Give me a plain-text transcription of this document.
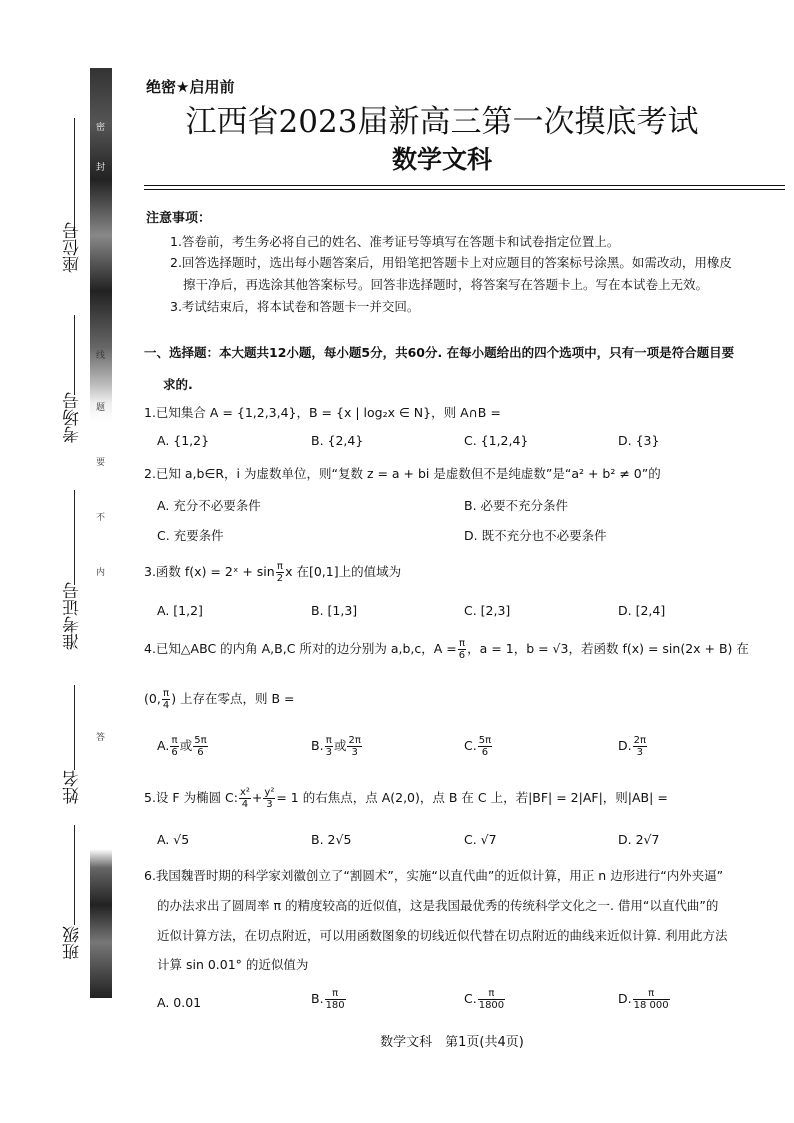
座位号
考场号
准考证号
姓名
班级
密
封
线
内
不
要
答
题
绝密★启用前
江西省2023届新高三第一次摸底考试
数学文科
注意事项：
1.答卷前，考生务必将自己的姓名、准考证号等填写在答题卡和试卷指定位置上。
2.回答选择题时，选出每小题答案后，用铅笔把答题卡上对应题目的答案标号涂黑。如需改动，用橡皮
擦干净后，再选涂其他答案标号。回答非选择题时，将答案写在答题卡上。写在本试卷上无效。
3.考试结束后，将本试卷和答题卡一并交回。
一、选择题：本大题共12小题，每小题5分，共60分. 在每小题给出的四个选项中，只有一项是符合题目要
求的.
1.已知集合 A = {1,2,3,4}，B = {x | log₂x ∈ N}，则 A∩B =
A. {1,2}	B. {2,4}	C. {1,2,4}	D. {3}
2.已知 a,b∈R，i 为虚数单位，则“复数 z = a + bi 是虚数但不是纯虚数”是“a² + b² ≠ 0”的
A. 充分不必要条件	B. 必要不充分条件
C. 充要条件	D. 既不充分也不必要条件
3.函数 f(x) = 2ˣ + $\sin \frac{\pi}{2}$ x 在[0,1]上的值域为
A. [1,2]	B. [1,3]	C. [2,3]	D. [2,4]
4.已知△ABC 的内角 A,B,C 所对的边分别为 a,b,c，$A = \frac{\pi}{6}$ ，a = 1，b = √3，若函数 f(x) = sin(2x + B) 在
(0, $\frac{\pi}{4}$ ) 上存在零点，则 B =
A. $\frac{\pi}{6}$ 或 $\frac{5\pi}{6}$	B. $\frac{\pi}{3}$ 或 $\frac{2\pi}{3}$	C. $\frac{5\pi}{6}$	D. $\frac{2\pi}{3}$
5.设 F 为椭圆 C: $\frac{\text{x²}}{4} + \frac{\text{y²}}{3} = 1$ 的右焦点，点 A(2,0)，点 B 在 C 上，若|BF| = 2|AF|，则|AB| =
A. √5	B. 2√5	C. √7	D. 2√7
6.我国魏晋时期的科学家刘徽创立了“割圆术”，实施“以直代曲”的近似计算，用正 n 边形进行“内外夹逼”
的办法求出了圆周率 π 的精度较高的近似值，这是我国最优秀的传统科学文化之一. 借用“以直代曲”的
近似计算方法，在切点附近，可以用函数图象的切线近似代替在切点附近的曲线来近似计算. 利用此方法
计算 sin 0.01° 的近似值为
A. 0.01	B. $\frac{\pi}{180}$	C. $\frac{\pi}{1800}$	D. $\frac{\pi}{18 000}$
数学文科　第1页(共4页)
